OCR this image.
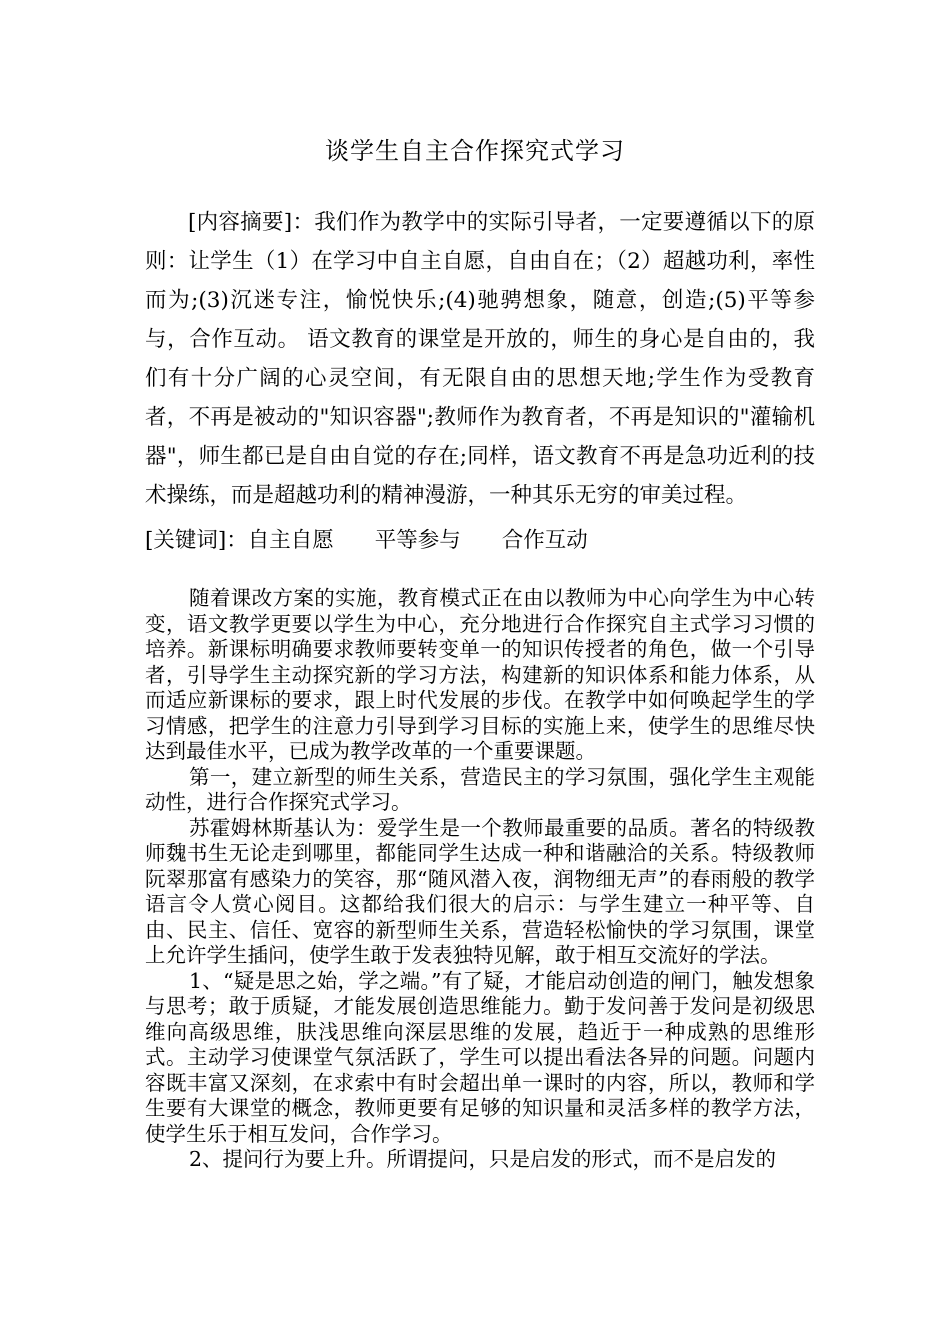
谈学生自主合作探究式学习

[内容摘要]：我们作为教学中的实际引导者，一定要遵循以下的原则：让学生（1）在学习中自主自愿，自由自在；（2）超越功利，率性而为;(3)沉迷专注，愉悦快乐;(4)驰骋想象，随意，创造;(5)平等参与，合作互动。 语文教育的课堂是开放的，师生的身心是自由的，我们有十分广阔的心灵空间，有无限自由的思想天地;学生作为受教育者，不再是被动的"知识容器";教师作为教育者，不再是知识的"灌输机器"，师生都已是自由自觉的存在;同样，语文教育不再是急功近利的技术操练，而是超越功利的精神漫游，一种其乐无穷的审美过程。

[关键词]：自主自愿      平等参与      合作互动

随着课改方案的实施，教育模式正在由以教师为中心向学生为中心转变，语文教学更要以学生为中心，充分地进行合作探究自主式学习习惯的培养。新课标明确要求教师要转变单一的知识传授者的角色，做一个引导者，引导学生主动探究新的学习方法，构建新的知识体系和能力体系，从而适应新课标的要求，跟上时代发展的步伐。在教学中如何唤起学生的学习情感，把学生的注意力引导到学习目标的实施上来，使学生的思维尽快达到最佳水平，已成为教学改革的一个重要课题。

第一，建立新型的师生关系，营造民主的学习氛围，强化学生主观能动性，进行合作探究式学习。

苏霍姆林斯基认为：爱学生是一个教师最重要的品质。著名的特级教师魏书生无论走到哪里，都能同学生达成一种和谐融洽的关系。特级教师阮翠那富有感染力的笑容，那“随风潜入夜，润物细无声”的春雨般的教学语言令人赏心阅目。这都给我们很大的启示：与学生建立一种平等、自由、民主、信任、宽容的新型师生关系，营造轻松愉快的学习氛围，课堂上允许学生插问，使学生敢于发表独特见解，敢于相互交流好的学法。

1、“疑是思之始，学之端。”有了疑，才能启动创造的闸门，触发想象与思考；敢于质疑，才能发展创造思维能力。勤于发问善于发问是初级思维向高级思维，肤浅思维向深层思维的发展，趋近于一种成熟的思维形式。主动学习使课堂气氛活跃了，学生可以提出看法各异的问题。问题内容既丰富又深刻，在求索中有时会超出单一课时的内容，所以，教师和学生要有大课堂的概念，教师更要有足够的知识量和灵活多样的教学方法，使学生乐于相互发问，合作学习。

2、提问行为要上升。所谓提问，只是启发的形式，而不是启发的
